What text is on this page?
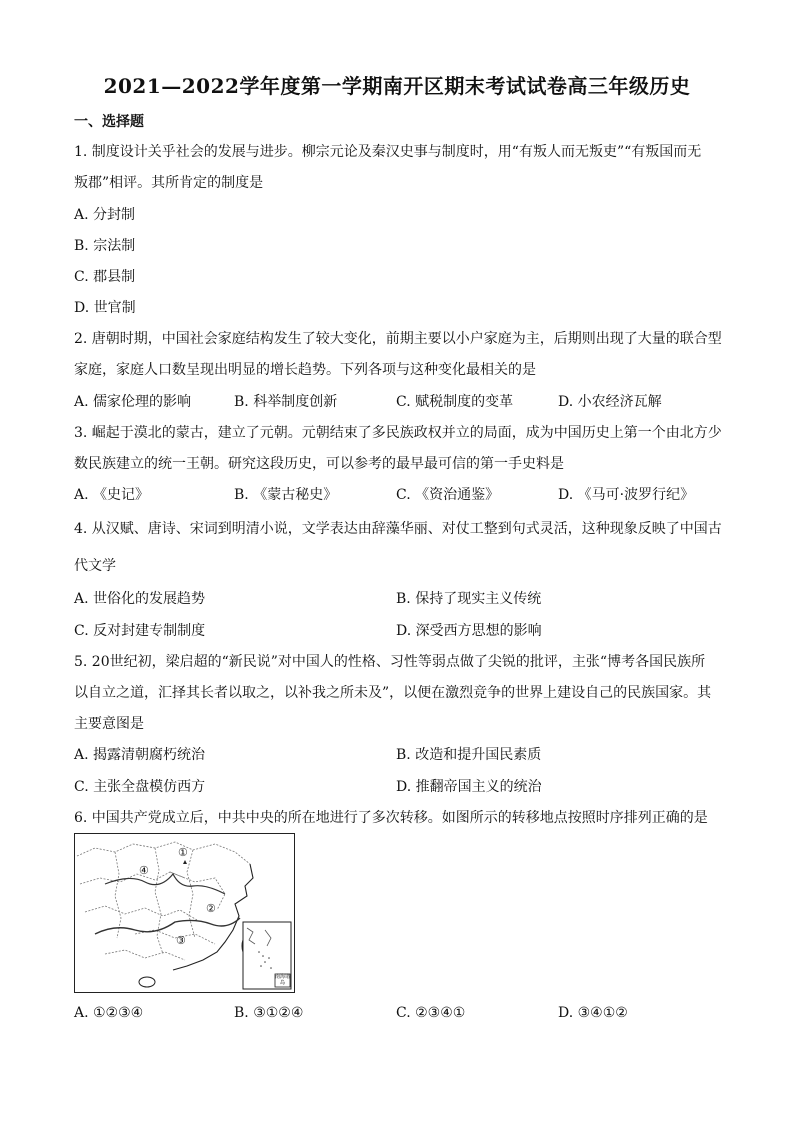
2021—2022学年度第一学期南开区期末考试试卷高三年级历史
一、选择题
1. 制度设计关乎社会的发展与进步。柳宗元论及秦汉史事与制度时，用“有叛人而无叛吏”“有叛国而无
叛郡”相评。其所肯定的制度是
A. 分封制
B. 宗法制
C. 郡县制
D. 世官制
2. 唐朝时期，中国社会家庭结构发生了较大变化，前期主要以小户家庭为主，后期则出现了大量的联合型
家庭，家庭人口数呈现出明显的增长趋势。下列各项与这种变化最相关的是
A. 儒家伦理的影响	B. 科举制度创新	C. 赋税制度的变革	D. 小农经济瓦解
3. 崛起于漠北的蒙古，建立了元朝。元朝结束了多民族政权并立的局面，成为中国历史上第一个由北方少
数民族建立的统一王朝。研究这段历史，可以参考的最早最可信的第一手史料是
A. 《史记》	B. 《蒙古秘史》	C. 《资治通鉴》	D. 《马可·波罗行纪》
4. 从汉赋、唐诗、宋词到明清小说，文学表达由辞藻华丽、对仗工整到句式灵活，这种现象反映了中国古
代文学
A. 世俗化的发展趋势	B. 保持了现实主义传统
C. 反对封建专制制度	D. 深受西方思想的影响
5. 20世纪初，梁启超的“新民说”对中国人的性格、习性等弱点做了尖锐的批评，主张“博考各国民族所
以自立之道，汇择其长者以取之，以补我之所未及”，以便在激烈竞争的世界上建设自己的民族国家。其
主要意图是
A. 揭露清朝腐朽统治	B. 改造和提升国民素质
C. 主张全盘模仿西方	D. 推翻帝国主义的统治
6. 中国共产党成立后，中共中央的所在地进行了多次转移。如图所示的转移地点按照时序排列正确的是
①
②
③
④
南海诸岛
A. ①②③④	B. ③①②④	C. ②③④①	D. ③④①②
